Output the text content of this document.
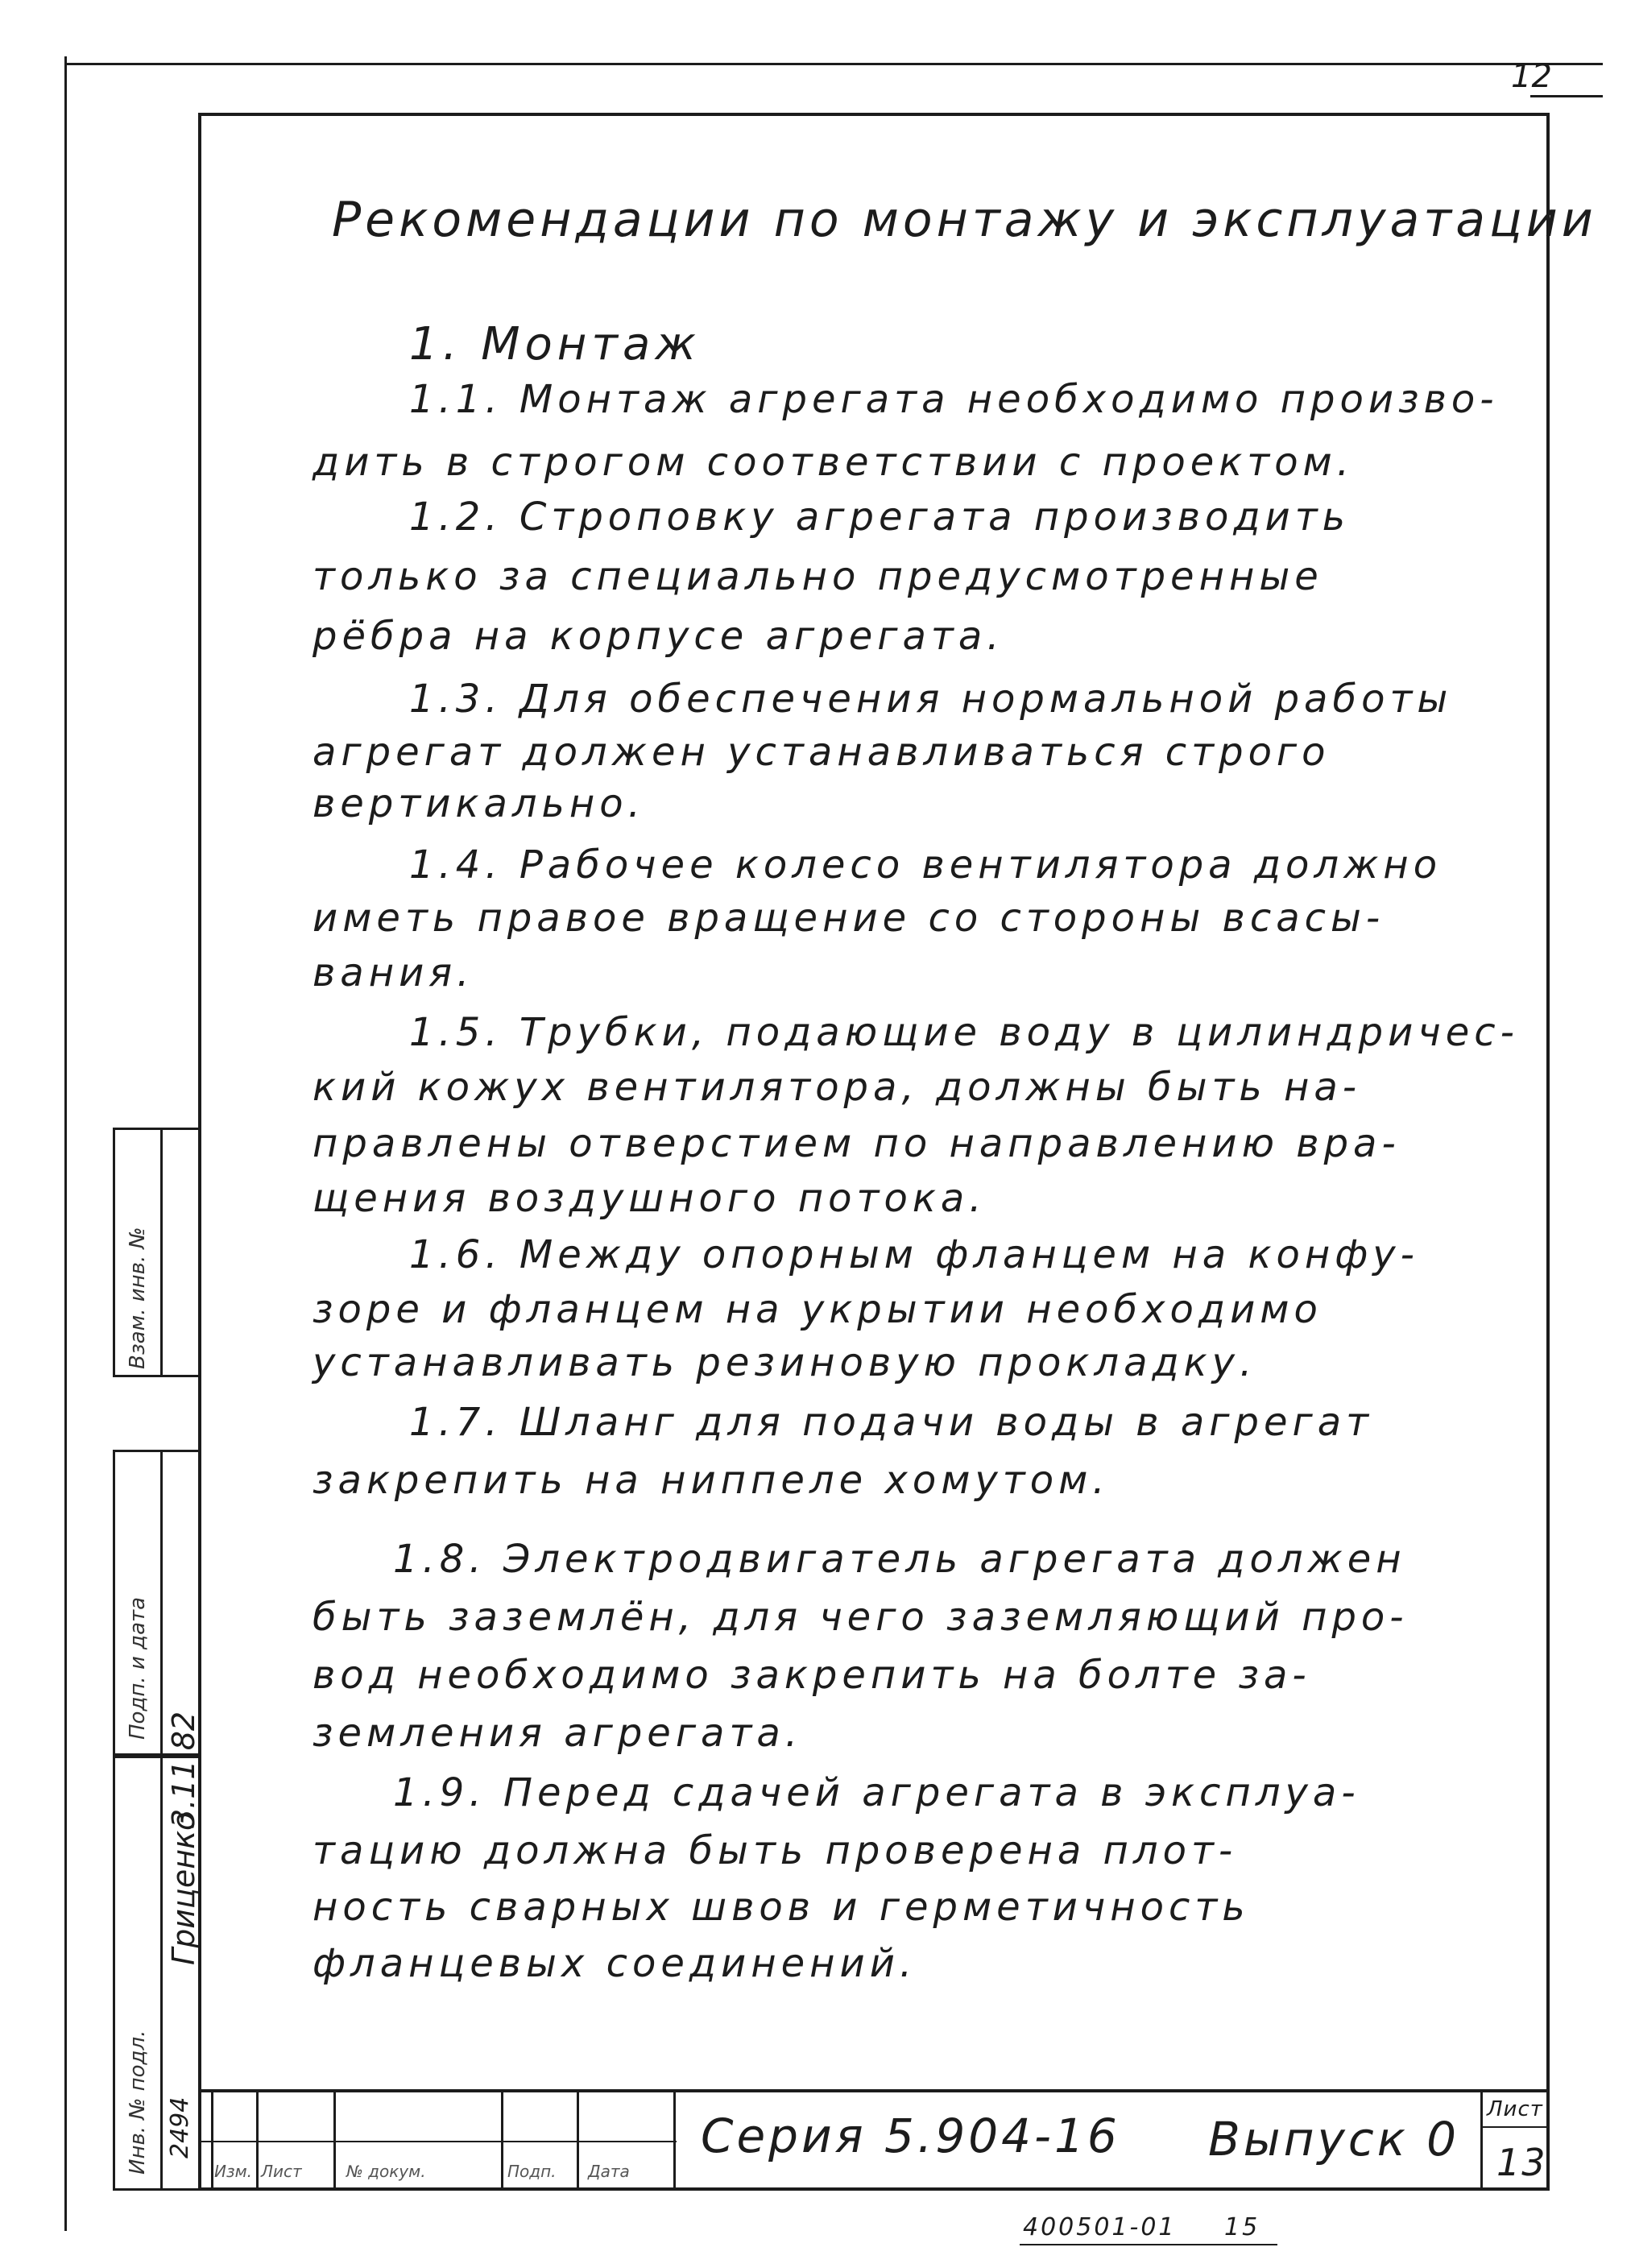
12
Рекомендации по монтажу и эксплуатации
1. Монтаж
1.1. Монтаж агрегата необходимо произво-
дить в строгом соответствии с проектом.
1.2. Строповку агрегата производить
только за специально предусмотренные
рёбра на корпусе агрегата.
1.3. Для обеспечения нормальной работы
агрегат должен устанавливаться строго
вертикально.
1.4. Рабочее колесо вентилятора должно
иметь правое вращение со стороны всасы-
вания.
1.5. Трубки, подающие воду в цилиндричес-
кий кожух вентилятора, должны быть на-
правлены отверстием по направлению вра-
щения воздушного потока.
1.6. Между опорным фланцем на конфу-
зоре и фланцем на укрытии необходимо
устанавливать резиновую прокладку.
1.7. Шланг для подачи воды в агрегат
закрепить на ниппеле хомутом.
1.8. Электродвигатель агрегата должен
быть заземлён, для чего заземляющий про-
вод необходимо закрепить на болте за-
земления агрегата.
1.9. Перед сдачей агрегата в эксплуа-
тацию должна быть проверена плот-
ность сварных швов и герметичность
фланцевых соединений.
Взам. инв. №
Подп. и дата
Инв. № подл.
Гриценко
3.11.82
2494
Изм. Лист	№ докум.	Подп. Дата
Серия 5.904-16 Выпуск 0
Лист
13
400501-01 15
